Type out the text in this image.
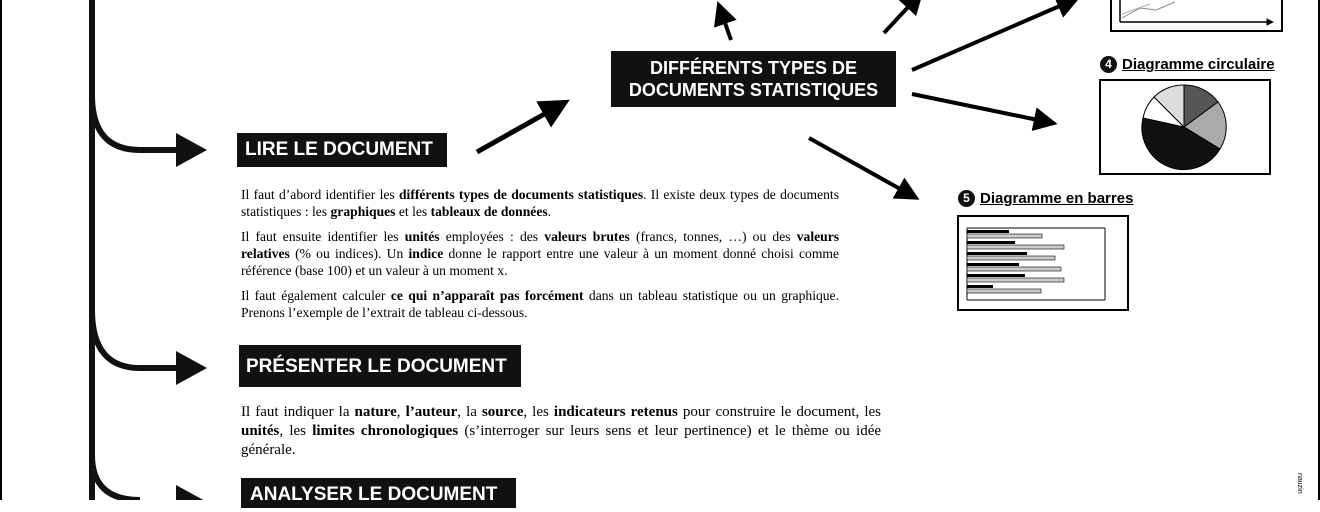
DIFFÉRENTS TYPES DE
DOCUMENTS STATISTIQUES
LIRE LE DOCUMENT
PRÉSENTER LE DOCUMENT
ANALYSER LE DOCUMENT

Il faut d’abord identifier les différents types de documents statistiques. Il existe deux types de documents statistiques : les graphiques et les tableaux de données.

Il faut ensuite identifier les unités employées : des valeurs brutes (francs, tonnes, …) ou des valeurs relatives (% ou indices). Un indice donne le rapport entre une valeur à un moment donné choisi comme référence (base 100) et un valeur à un moment x.

Il faut également calculer ce qui n’apparaît pas forcément dans un tableau statistique ou un graphique. Prenons l’exemple de l’extrait de tableau ci-dessous.

Il faut indiquer la nature, l’auteur, la source, les indicateurs retenus pour construire le document, les unités, les limites chronologiques (s’interroger sur leurs sens et leur pertinence) et le thème ou idée générale.

4 Diagramme circulaire
5 Diagramme en barres
nauzin
